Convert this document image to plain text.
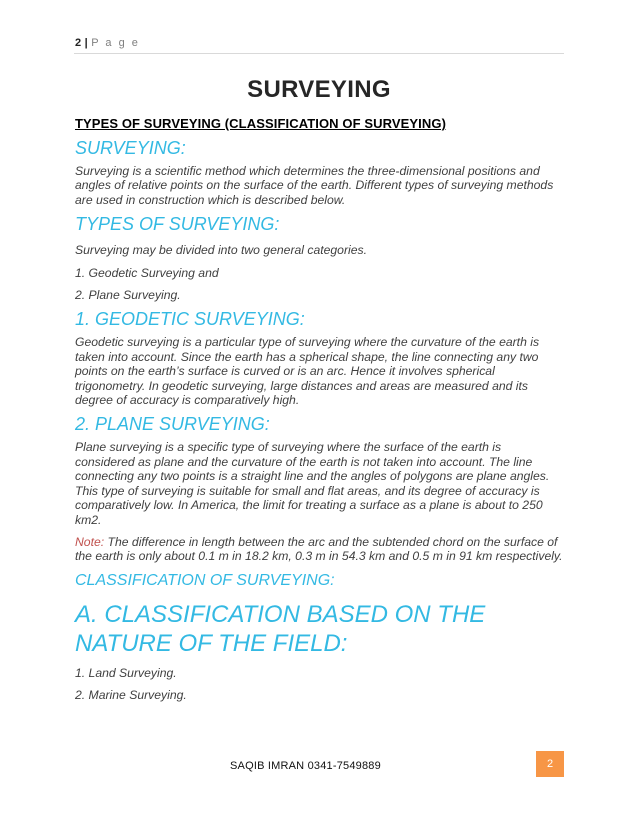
2 | P a g e
SURVEYING
TYPES OF SURVEYING (CLASSIFICATION OF SURVEYING)
SURVEYING:
Surveying is a scientific method which determines the three-dimensional positions and angles of relative points on the surface of the earth. Different types of surveying methods are used in construction which is described below.
TYPES OF SURVEYING:
Surveying may be divided into two general categories.
1. Geodetic Surveying and
2. Plane Surveying.
1. GEODETIC SURVEYING:
Geodetic surveying is a particular type of surveying where the curvature of the earth is taken into account. Since the earth has a spherical shape, the line connecting any two points on the earth’s surface is curved or is an arc. Hence it involves spherical trigonometry. In geodetic surveying, large distances and areas are measured and its degree of accuracy is comparatively high.
2. PLANE SURVEYING:
Plane surveying is a specific type of surveying where the surface of the earth is considered as plane and the curvature of the earth is not taken into account. The line connecting any two points is a straight line and the angles of polygons are plane angles. This type of surveying is suitable for small and flat areas, and its degree of accuracy is comparatively low. In America, the limit for treating a surface as a plane is about to 250 km2.
Note: The difference in length between the arc and the subtended chord on the surface of the earth is only about 0.1 m in 18.2 km, 0.3 m in 54.3 km and 0.5 m in 91 km respectively.
CLASSIFICATION OF SURVEYING:
A. CLASSIFICATION BASED ON THE NATURE OF THE FIELD:
1. Land Surveying.
2. Marine Surveying.
SAQIB IMRAN 0341-7549889	2
